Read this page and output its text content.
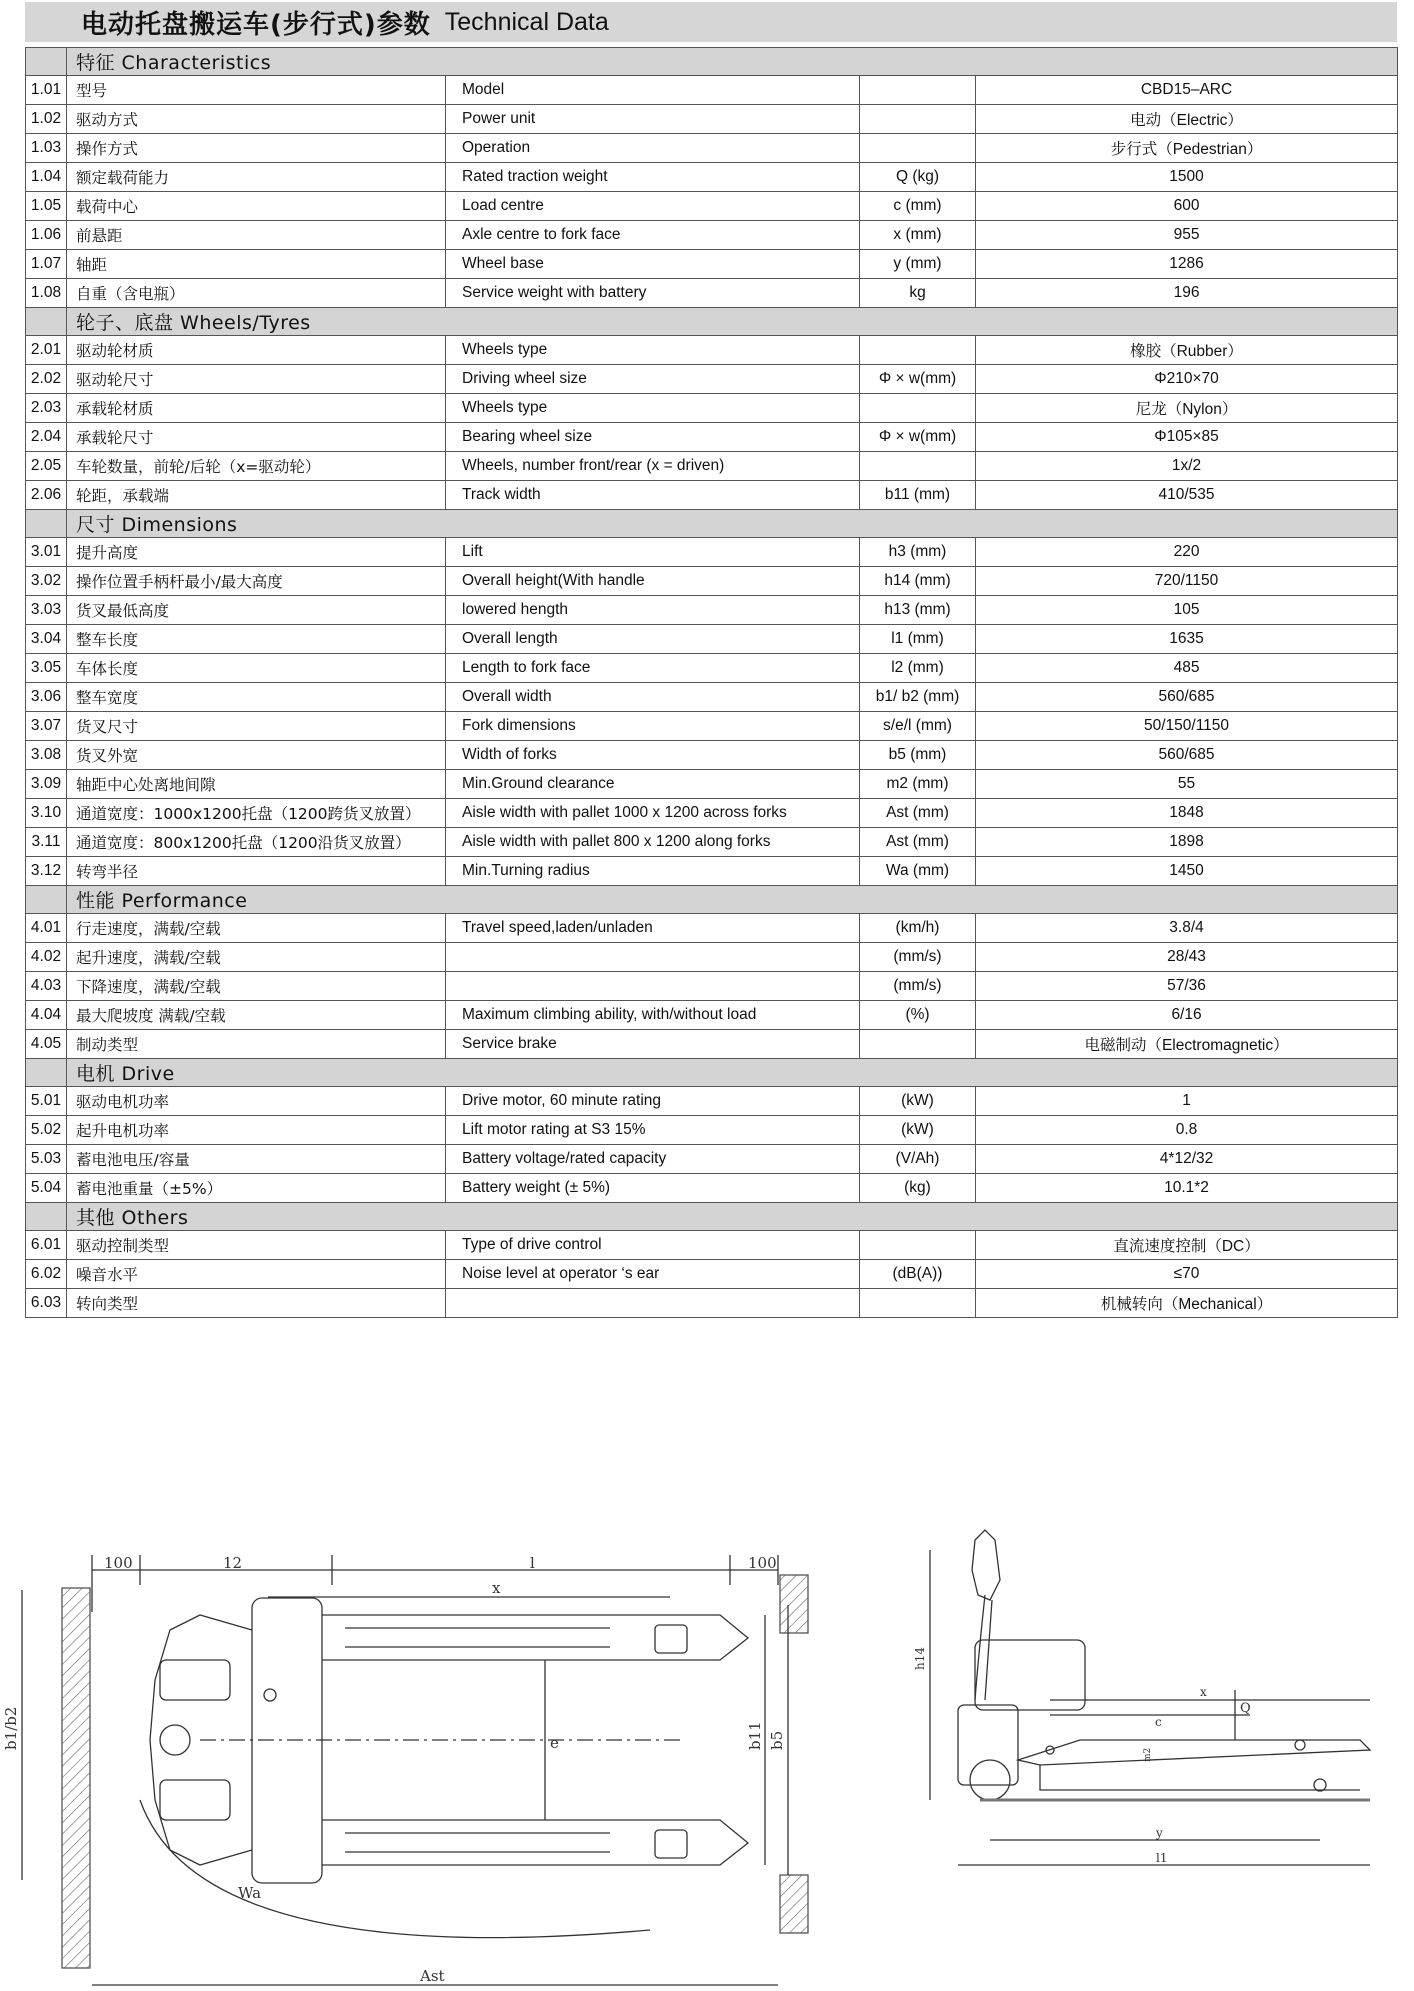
电动托盘搬运车(步行式)参数 Technical Data
	特征 Characteristics			
1.01	型号	Model		CBD15–ARC
1.02	驱动方式	Power unit		电动（Electric）
1.03	操作方式	Operation		步行式（Pedestrian）
1.04	额定载荷能力	Rated traction weight	Q (kg)	1500
1.05	载荷中心	Load centre	c (mm)	600
1.06	前悬距	Axle centre to fork face	x (mm)	955
1.07	轴距	Wheel base	y (mm)	1286
1.08	自重（含电瓶）	Service weight with battery	kg	196
	轮子、底盘 Wheels/Tyres			
2.01	驱动轮材质	Wheels type		橡胶（Rubber）
2.02	驱动轮尺寸	Driving wheel size	Φ × w(mm)	Φ210×70
2.03	承载轮材质	Wheels type		尼龙（Nylon）
2.04	承载轮尺寸	Bearing wheel size	Φ × w(mm)	Φ105×85
2.05	车轮数量，前轮/后轮（x=驱动轮）	Wheels, number front/rear (x = driven)		1x/2
2.06	轮距，承载端	Track width	b11 (mm)	410/535
	尺寸 Dimensions			
3.01	提升高度	Lift	h3 (mm)	220
3.02	操作位置手柄杆最小/最大高度	Overall height(With handle	h14 (mm)	720/1150
3.03	货叉最低高度	lowered hength	h13 (mm)	105
3.04	整车长度	Overall length	l1 (mm)	1635
3.05	车体长度	Length to fork face	l2 (mm)	485
3.06	整车宽度	Overall width	b1/ b2 (mm)	560/685
3.07	货叉尺寸	Fork dimensions	s/e/l (mm)	50/150/1150
3.08	货叉外宽	Width of forks	b5 (mm)	560/685
3.09	轴距中心处离地间隙	Min.Ground clearance	m2 (mm)	55
3.10	通道宽度：1000x1200托盘（1200跨货叉放置）	Aisle width with pallet 1000 x 1200 across forks	Ast (mm)	1848
3.11	通道宽度：800x1200托盘（1200沿货叉放置）	Aisle width with pallet 800 x 1200 along forks	Ast (mm)	1898
3.12	转弯半径	Min.Turning radius	Wa (mm)	1450
	性能 Performance			
4.01	行走速度，满载/空载	Travel speed,laden/unladen	(km/h)	3.8/4
4.02	起升速度，满载/空载		(mm/s)	28/43
4.03	下降速度，满载/空载		(mm/s)	57/36
4.04	最大爬坡度 满载/空载	Maximum climbing ability, with/without load	(%)	6/16
4.05	制动类型	Service brake		电磁制动（Electromagnetic）
	电机 Drive			
5.01	驱动电机功率	Drive motor, 60 minute rating	(kW)	1
5.02	起升电机功率	Lift motor rating at S3 15%	(kW)	0.8
5.03	蓄电池电压/容量	Battery voltage/rated capacity	(V/Ah)	4*12/32
5.04	蓄电池重量（±5%）	Battery weight (± 5%)	(kg)	10.1*2
	其他 Others			
6.01	驱动控制类型	Type of drive control		直流速度控制（DC）
6.02	噪音水平	Noise level at operator ‘s ear	(dB(A))	≤70
6.03	转向类型			机械转向（Mechanical）
100	12	l	100
x
e
b1/b2	b11 b5
Wa
Ast
h14
x
Q
c
m2
y
l1
